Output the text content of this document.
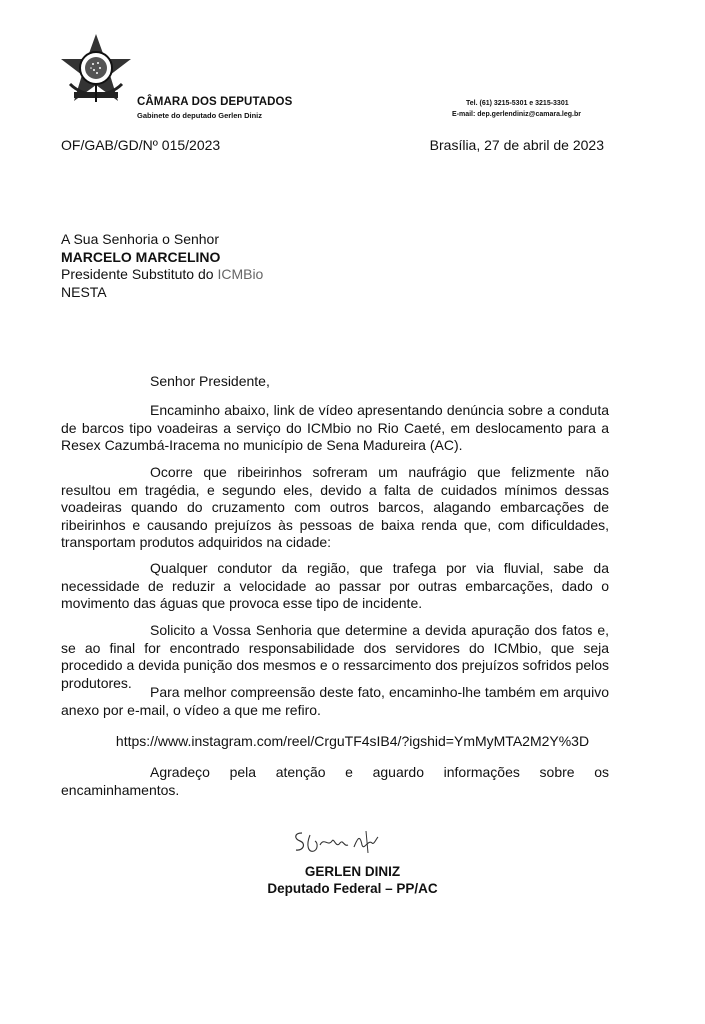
CÂMARA DOS DEPUTADOS
Gabinete do deputado Gerlen Diniz
Tel. (61) 3215-5301 e 3215-3301
E-mail: dep.gerlendiniz@camara.leg.br
OF/GAB/GD/Nº 015/2023	Brasília, 27 de abril de 2023
A Sua Senhoria o Senhor
MARCELO MARCELINO
Presidente Substituto do ICMBio
NESTA
Senhor Presidente,

Encaminho abaixo, link de vídeo apresentando denúncia sobre a conduta de barcos tipo voadeiras a serviço do ICMbio no Rio Caeté, em deslocamento para a Resex Cazumbá-Iracema no município de Sena Madureira (AC).

Ocorre que ribeirinhos sofreram um naufrágio que felizmente não resultou em tragédia, e segundo eles, devido a falta de cuidados mínimos dessas voadeiras quando do cruzamento com outros barcos, alagando embarcações de ribeirinhos e causando prejuízos às pessoas de baixa renda que, com dificuldades, transportam produtos adquiridos na cidade:

Qualquer condutor da região, que trafega por via fluvial, sabe da necessidade de reduzir a velocidade ao passar por outras embarcações, dado o movimento das águas que provoca esse tipo de incidente.

Solicito a Vossa Senhoria que determine a devida apuração dos fatos e, se ao final for encontrado responsabilidade dos servidores do ICMbio, que seja procedido a devida punição dos mesmos e o ressarcimento dos prejuízos sofridos pelos produtores.

Para melhor compreensão deste fato, encaminho-lhe também em arquivo anexo por e-mail, o vídeo a que me refiro.

https://www.instagram.com/reel/CrguTF4sIB4/?igshid=YmMyMTA2M2Y%3D

Agradeço pela atenção e aguardo informações sobre os encaminhamentos.

GERLEN DINIZ
Deputado Federal – PP/AC
